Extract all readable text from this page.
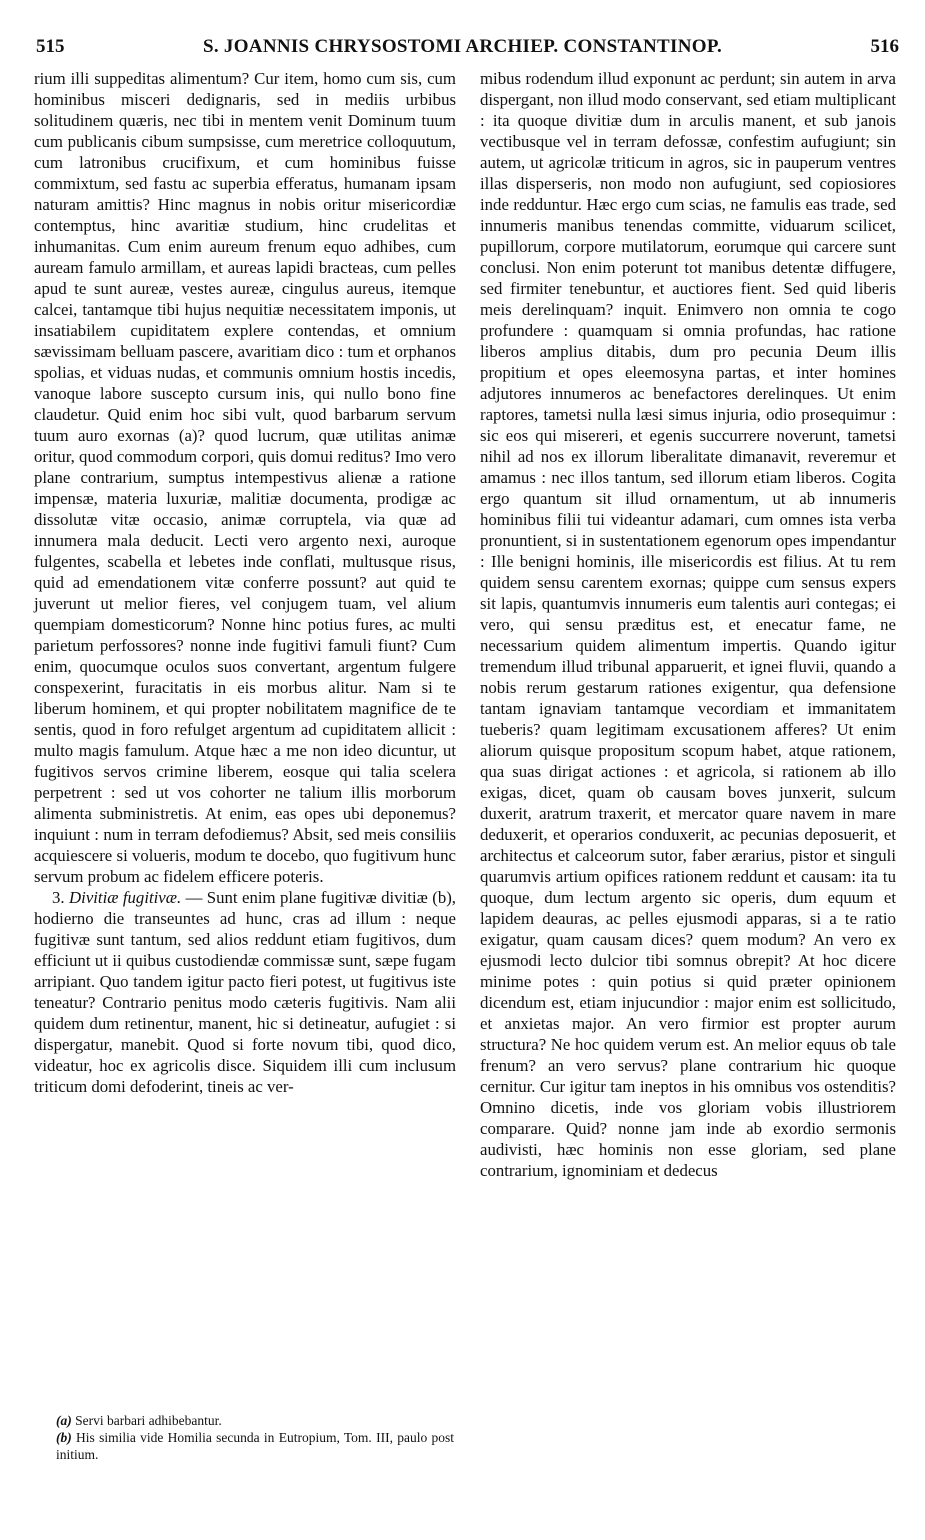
515	S. JOANNIS CHRYSOSTOMI ARCHIEP. CONSTANTINOP.	516

rium illi suppeditas alimentum? Cur item, homo cum sis, cum hominibus misceri dedignaris, sed in mediis urbibus solitudinem quæris, nec tibi in mentem venit Dominum tuum cum publicanis cibum sumpsisse, cum meretrice colloquutum, cum latronibus crucifixum, et cum hominibus fuisse commixtum, sed fastu ac superbia efferatus, humanam ipsam naturam amittis? Hinc magnus in nobis oritur misericordiæ contemptus, hinc avaritiæ studium, hinc crudelitas et inhumanitas. Cum enim aureum frenum equo adhibes, cum auream famulo armillam, et aureas lapidi bracteas, cum pelles apud te sunt aureæ, vestes aureæ, cingulus aureus, itemque calcei, tantamque tibi hujus nequitiæ necessitatem imponis, ut insatiabilem cupiditatem explere contendas, et omnium sævissimam belluam pascere, avaritiam dico : tum et orphanos spolias, et viduas nudas, et communis omnium hostis incedis, vanoque labore suscepto cursum inis, qui nullo bono fine claudetur. Quid enim hoc sibi vult, quod barbarum servum tuum auro exornas (a)? quod lucrum, quæ utilitas animæ oritur, quod commodum corpori, quis domui reditus? Imo vero plane contrarium, sumptus intempestivus alienæ a ratione impensæ, materia luxuriæ, malitiæ documenta, prodigæ ac dissolutæ vitæ occasio, animæ corruptela, via quæ ad innumera mala deducit. Lecti vero argento nexi, auroque fulgentes, scabella et lebetes inde conflati, multusque risus, quid ad emendationem vitæ conferre possunt? aut quid te juverunt ut melior fieres, vel conjugem tuam, vel alium quempiam domesticorum? Nonne hinc potius fures, ac multi parietum perfossores? nonne inde fugitivi famuli fiunt? Cum enim, quocumque oculos suos convertant, argentum fulgere conspexerint, furacitatis in eis morbus alitur. Nam si te liberum hominem, et qui propter nobilitatem magnifice de te sentis, quod in foro refulget argentum ad cupiditatem allicit : multo magis famulum. Atque hæc a me non ideo dicuntur, ut fugitivos servos crimine liberem, eosque qui talia scelera perpetrent : sed ut vos cohorter ne talium illis morborum alimenta subministretis. At enim, eas opes ubi deponemus? inquiunt : num in terram defodiemus? Absit, sed meis consiliis acquiescere si volueris, modum te docebo, quo fugitivum hunc servum probum ac fidelem efficere poteris.

3. Divitiæ fugitivæ. — Sunt enim plane fugitivæ divitiæ (b), hodierno die transeuntes ad hunc, cras ad illum : neque fugitivæ sunt tantum, sed alios reddunt etiam fugitivos, dum efficiunt ut ii quibus custodiendæ commissæ sunt, sæpe fugam arripiant. Quo tandem igitur pacto fieri potest, ut fugitivus iste teneatur? Contrario penitus modo cæteris fugitivis. Nam alii quidem dum retinentur, manent, hic si detineatur, aufugiet : si dispergatur, manebit. Quod si forte novum tibi, quod dico, videatur, hoc ex agricolis disce. Siquidem illi cum inclusum triticum domi defoderint, tineis ac ver-

mibus rodendum illud exponunt ac perdunt; sin autem in arva dispergant, non illud modo conservant, sed etiam multiplicant : ita quoque divitiæ dum in arculis manent, et sub janois vectibusque vel in terram defossæ, confestim aufugiunt; sin autem, ut agricolæ triticum in agros, sic in pauperum ventres illas disperseris, non modo non aufugiunt, sed copiosiores inde redduntur. Hæc ergo cum scias, ne famulis eas trade, sed innumeris manibus tenendas committe, viduarum scilicet, pupillorum, corpore mutilatorum, eorumque qui carcere sunt conclusi. Non enim poterunt tot manibus detentæ diffugere, sed firmiter tenebuntur, et auctiores fient. Sed quid liberis meis derelinquam? inquit. Enimvero non omnia te cogo profundere : quamquam si omnia profundas, hac ratione liberos amplius ditabis, dum pro pecunia Deum illis propitium et opes eleemosyna partas, et inter homines adjutores innumeros ac benefactores derelinques. Ut enim raptores, tametsi nulla læsi simus injuria, odio prosequimur : sic eos qui misereri, et egenis succurrere noverunt, tametsi nihil ad nos ex illorum liberalitate dimanavit, reveremur et amamus : nec illos tantum, sed illorum etiam liberos. Cogita ergo quantum sit illud ornamentum, ut ab innumeris hominibus filii tui videantur adamari, cum omnes ista verba pronuntient, si in sustentationem egenorum opes impendantur : Ille benigni hominis, ille misericordis est filius. At tu rem quidem sensu carentem exornas; quippe cum sensus expers sit lapis, quantumvis innumeris eum talentis auri contegas; ei vero, qui sensu præditus est, et enecatur fame, ne necessarium quidem alimentum impertis. Quando igitur tremendum illud tribunal apparuerit, et ignei fluvii, quando a nobis rerum gestarum rationes exigentur, qua defensione tantam ignaviam tantamque vecordiam et immanitatem tueberis? quam legitimam excusationem afferes? Ut enim aliorum quisque propositum scopum habet, atque rationem, qua suas dirigat actiones : et agricola, si rationem ab illo exigas, dicet, quam ob causam boves junxerit, sulcum duxerit, aratrum traxerit, et mercator quare navem in mare deduxerit, et operarios conduxerit, ac pecunias deposuerit, et architectus et calceorum sutor, faber ærarius, pistor et singuli quarumvis artium opifices rationem reddunt et causam: ita tu quoque, dum lectum argento sic operis, dum equum et lapidem deauras, ac pelles ejusmodi apparas, si a te ratio exigatur, quam causam dices? quem modum? An vero ex ejusmodi lecto dulcior tibi somnus obrepit? At hoc dicere minime potes : quin potius si quid præter opinionem dicendum est, etiam injucundior : major enim est sollicitudo, et anxietas major. An vero firmior est propter aurum structura? Ne hoc quidem verum est. An melior equus ob tale frenum? an vero servus? plane contrarium hic quoque cernitur. Cur igitur tam ineptos in his omnibus vos ostenditis? Omnino dicetis, inde vos gloriam vobis illustriorem comparare. Quid? nonne jam inde ab exordio sermonis audivisti, hæc hominis non esse gloriam, sed plane contrarium, ignominiam et dedecus

(a) Servi barbari adhibebantur.
(b) His similia vide Homilia secunda in Eutropium, Tom. III, paulo post initium.
